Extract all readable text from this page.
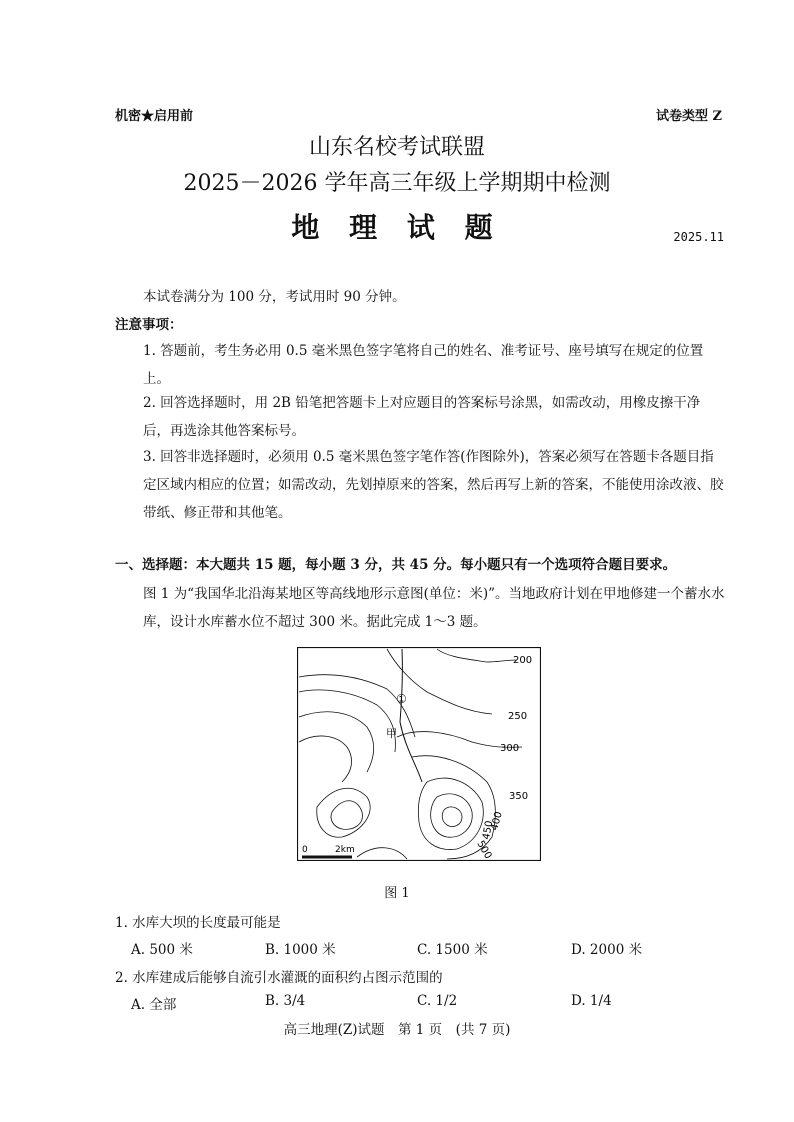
机密★启用前	试卷类型 Z
山东名校考试联盟
2025－2026 学年高三年级上学期期中检测
地 理 试 题	2025.11
本试卷满分为 100 分，考试用时 90 分钟。
注意事项：
1. 答题前，考生务必用 0.5 毫米黑色签字笔将自己的姓名、准考证号、座号填写在规定的位置上。
2. 回答选择题时，用 2B 铅笔把答题卡上对应题目的答案标号涂黑，如需改动，用橡皮擦干净后，再选涂其他答案标号。
3. 回答非选择题时，必须用 0.5 毫米黑色签字笔作答(作图除外)，答案必须写在答题卡各题目指定区域内相应的位置；如需改动，先划掉原来的答案，然后再写上新的答案，不能使用涂改液、胶带纸、修正带和其他笔。
一、选择题：本大题共 15 题，每小题 3 分，共 45 分。每小题只有一个选项符合题目要求。
图 1 为“我国华北沿海某地区等高线地形示意图(单位：米)”。当地政府计划在甲地修建一个蓄水水库，设计水库蓄水位不超过 300 米。据此完成 1～3 题。
200
250
300
350
400
450
500
①
甲
0	2km
图 1
1. 水库大坝的长度最可能是
A. 500 米	B. 1000 米	C. 1500 米	D. 2000 米
2. 水库建成后能够自流引水灌溉的面积约占图示范围的
A. 全部	B. 3/4	C. 1/2	D. 1/4
高三地理(Z)试题　第 1 页　(共 7 页)
